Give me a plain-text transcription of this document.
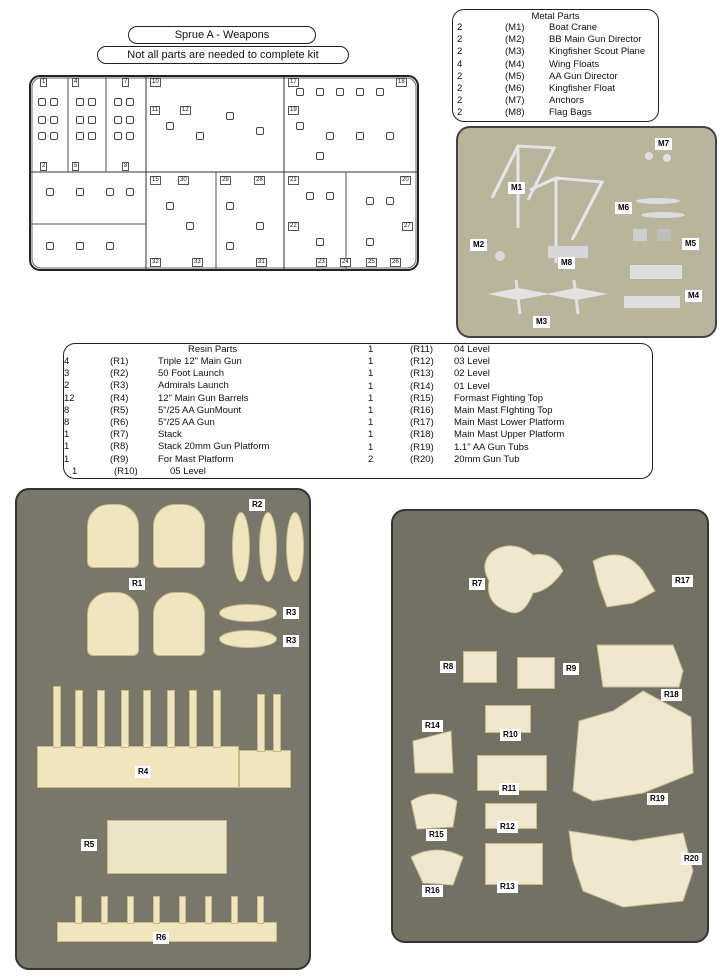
Sprue A - Weapons
Not all parts are needed to complete kit
1	4	7	10	17	18
2	5	8
11	12	19
21	20
15	30	29	28
22	27
32	33	31	23	24	25	26
Metal Parts
2	(M1)	Boat Crane
2	(M2)	BB Main Gun Director
2	(M3)	Kingfisher Scout Plane
4	(M4)	Wing Floats
2	(M5)	AA Gun Director
2	(M6)	Kingfisher Float
2	(M7)	Anchors
2	(M8)	Flag Bags
M1
M2
M3
M4
M5
M6
M7
M8
Resin Parts
4	(R1)	Triple 12" Main Gun
3	(R2)	50 Foot Launch
2	(R3)	Admirals Launch
12	(R4)	12" Main Gun Barrels
8	(R5)	5"/25 AA GunMount
8	(R6)	5"/25 AA Gun
1	(R7)	Stack
1	(R8)	Stack 20mm Gun Platform
1	(R9)	For Mast Platform
1	(R10)	05 Level
1	(R11) 04 Level
1	(R12) 03 Level
1	(R13) 02 Level
1	(R14) 01 Level
1	(R15) Formast Fighting Top
1	(R16) Main Mast FIghting Top
1	(R17) Main Mast Lower Platform
1	(R18) Main Mast Upper Platform
1	(R19) 1.1" AA Gun Tubs
2	(R20) 20mm Gun Tub
R1
R2
R3
R3
R4
R5
R6
R7	R17
R8	R9
R18
R14
R10
R11
R19
R12
R15
R13
R16
R20
